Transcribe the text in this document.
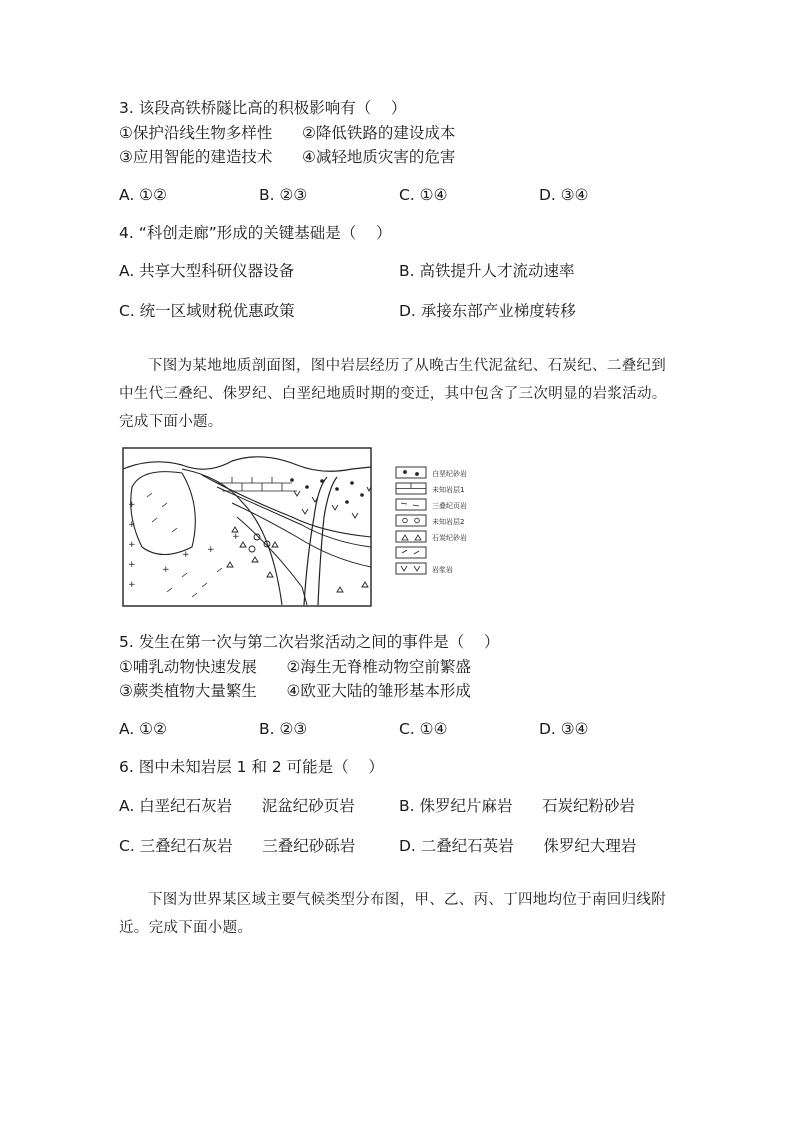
3. 该段高铁桥隧比高的积极影响有（    ）
①保护沿线生物多样性      ②降低铁路的建设成本
③应用智能的建造技术      ④减轻地质灾害的危害
A. ①②	B. ②③	C. ①④	D. ③④
4. “科创走廊”形成的关键基础是（    ）
A. 共享大型科研仪器设备	B. 高铁提升人才流动速率
C. 统一区域财税优惠政策	D. 承接东部产业梯度转移
下图为某地地质剖面图，图中岩层经历了从晚古生代泥盆纪、石炭纪、二叠纪到中生代三叠纪、侏罗纪、白垩纪地质时期的变迁，其中包含了三次明显的岩浆活动。完成下面小题。
+
+
+
+
+
+
+
+
+
白垩纪砂岩
未知岩层1
三叠纪页岩
未知岩层2
石炭纪砂岩
岩浆岩
5. 发生在第一次与第二次岩浆活动之间的事件是（    ）
①哺乳动物快速发展      ②海生无脊椎动物空前繁盛
③蕨类植物大量繁生      ④欧亚大陆的雏形基本形成
A. ①②	B. ②③	C. ①④	D. ③④
6. 图中未知岩层 1 和 2 可能是（    ）
A. 白垩纪石灰岩      泥盆纪砂页岩	B. 侏罗纪片麻岩      石炭纪粉砂岩
C. 三叠纪石灰岩      三叠纪砂砾岩	D. 二叠纪石英岩      侏罗纪大理岩
下图为世界某区域主要气候类型分布图，甲、乙、丙、丁四地均位于南回归线附近。完成下面小题。
